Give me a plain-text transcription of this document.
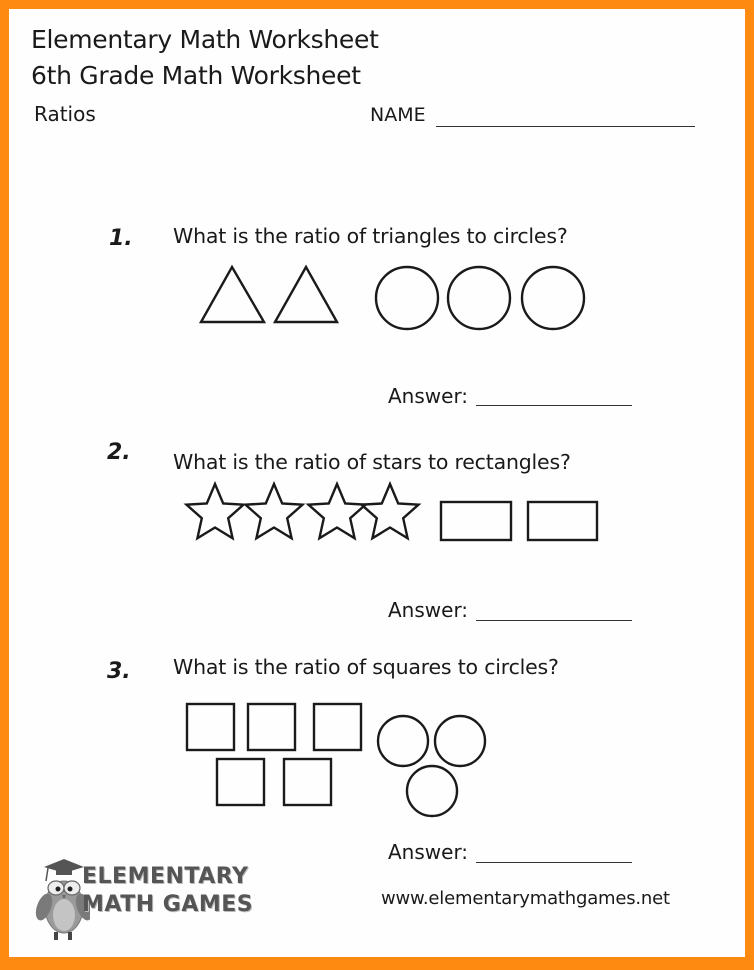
Elementary Math Worksheet
6th Grade Math Worksheet
Ratios	NAME
1. What is the ratio of triangles to circles?
Answer:
2. What is the ratio of stars to rectangles?
Answer:
3. What is the ratio of squares to circles?
Answer:
ELEMENTARY
MATH GAMES	www.elementarymathgames.net
